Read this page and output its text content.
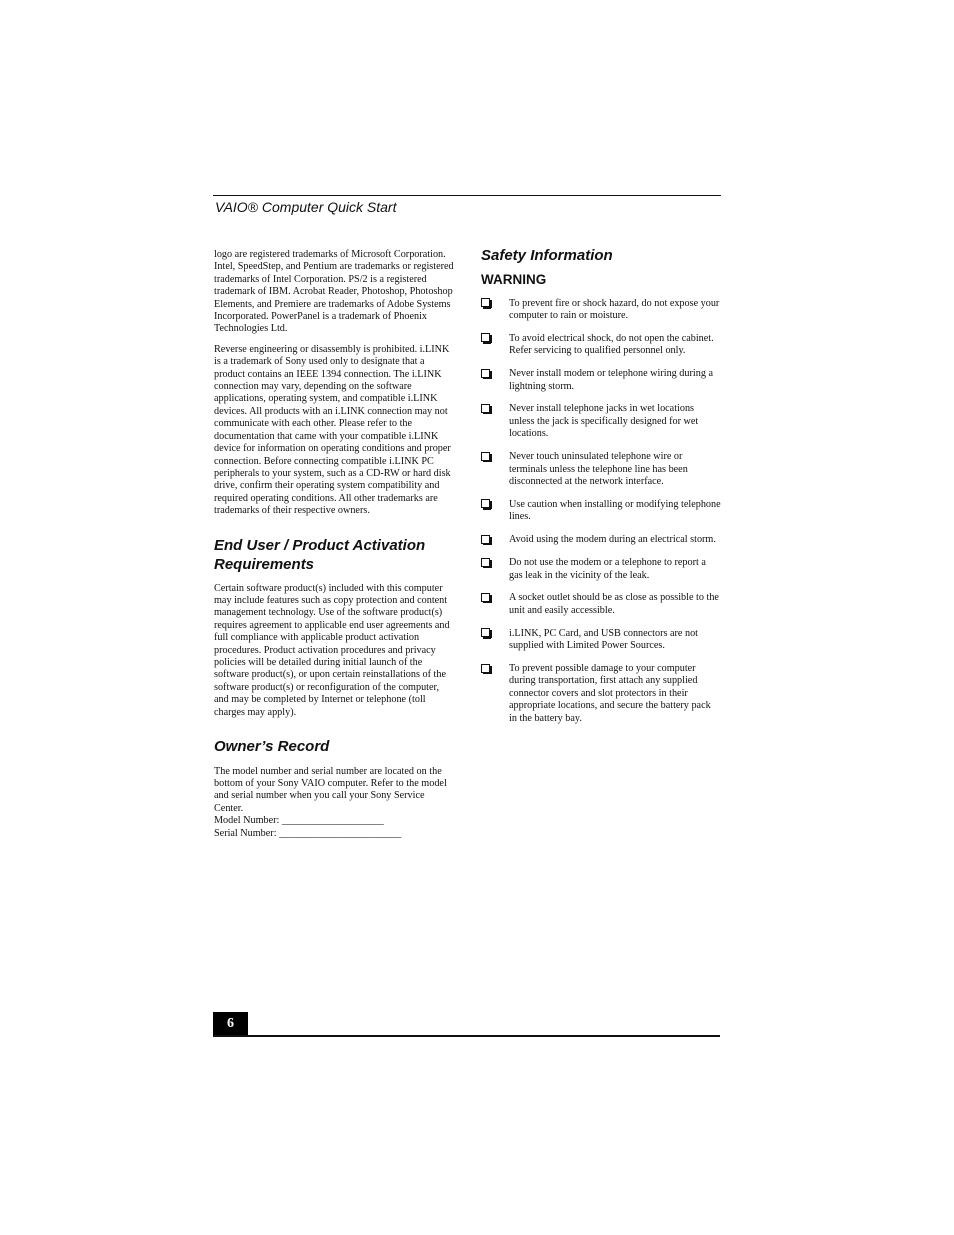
VAIO® Computer Quick Start

logo are registered trademarks of Microsoft Corporation. Intel, SpeedStep, and Pentium are trademarks or registered trademarks of Intel Corporation. PS/2 is a registered trademark of IBM. Acrobat Reader, Photoshop, Photoshop Elements, and Premiere are trademarks of Adobe Systems Incorporated. PowerPanel is a trademark of Phoenix Technologies Ltd.

Reverse engineering or disassembly is prohibited. i.LINK is a trademark of Sony used only to designate that a product contains an IEEE 1394 connection. The i.LINK connection may vary, depending on the software applications, operating system, and compatible i.LINK devices. All products with an i.LINK connection may not communicate with each other. Please refer to the documentation that came with your compatible i.LINK device for information on operating conditions and proper connection. Before connecting compatible i.LINK PC peripherals to your system, such as a CD-RW or hard disk drive, confirm their operating system compatibility and required operating conditions. All other trademarks are trademarks of their respective owners.

End User / Product Activation
Requirements

Certain software product(s) included with this computer may include features such as copy protection and content management technology. Use of the software product(s) requires agreement to applicable end user agreements and full compliance with applicable product activation procedures. Product activation procedures and privacy policies will be detailed during initial launch of the software product(s), or upon certain reinstallations of the software product(s) or reconfiguration of the computer, and may be completed by Internet or telephone (toll charges may apply).

Owner’s Record

The model number and serial number are located on the bottom of your Sony VAIO computer. Refer to the model and serial number when you call your Sony Service Center.
Model Number: ____________________
Serial Number: ________________________

Safety Information
WARNING
To prevent fire or shock hazard, do not expose your computer to rain or moisture.
To avoid electrical shock, do not open the cabinet. Refer servicing to qualified personnel only.
Never install modem or telephone wiring during a lightning storm.
Never install telephone jacks in wet locations unless the jack is specifically designed for wet locations.
Never touch uninsulated telephone wire or terminals unless the telephone line has been disconnected at the network interface.
Use caution when installing or modifying telephone lines.
Avoid using the modem during an electrical storm.
Do not use the modem or a telephone to report a gas leak in the vicinity of the leak.
A socket outlet should be as close as possible to the unit and easily accessible.
i.LINK, PC Card, and USB connectors are not supplied with Limited Power Sources.
To prevent possible damage to your computer during transportation, first attach any supplied connector covers and slot protectors in their appropriate locations, and secure the battery pack in the battery bay.
6
